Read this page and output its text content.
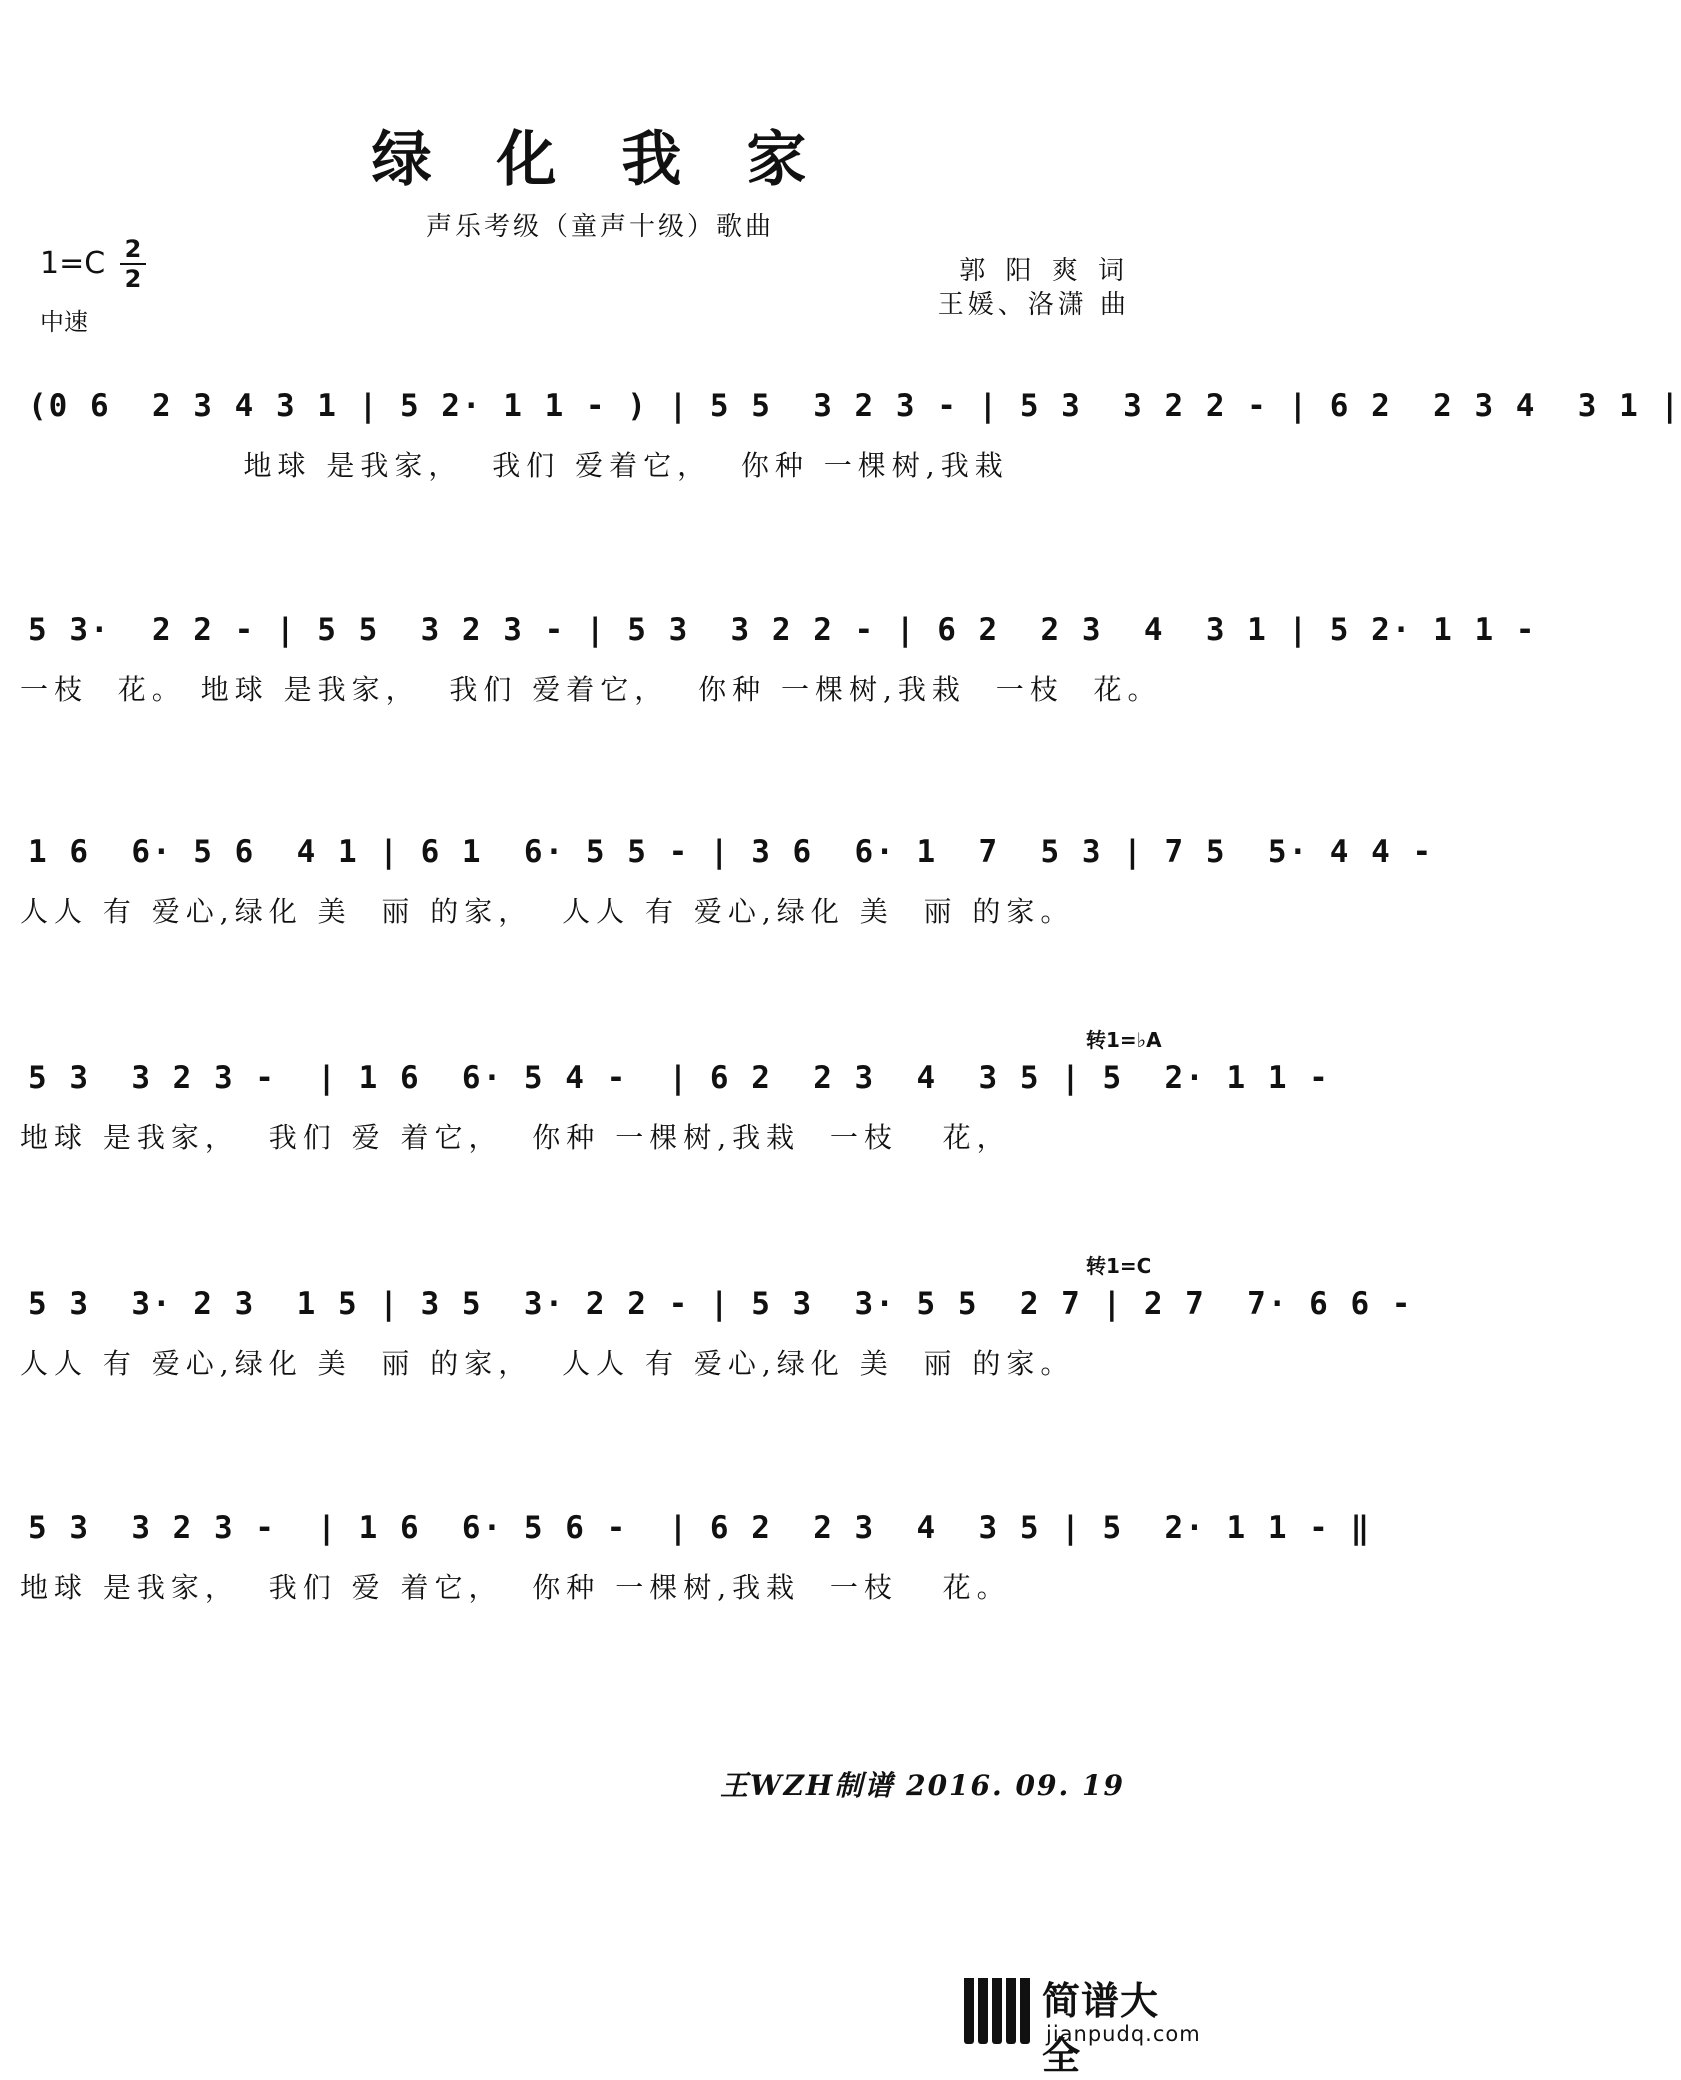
绿 化 我 家
声乐考级（童声十级）歌曲
1=C 2
2
中速
郭 阳 爽 词
王媛、洛潇 曲
(0 6  2 3 4 3 1 | 5 2· 1 1 - ) | 5 5  3 2 3 - | 5 3  3 2 2 - | 6 2  2 3 4  3 1 |
地球 是我家，  我们 爱着它，  你种 一棵树,我栽
5 3·  2 2 - | 5 5  3 2 3 - | 5 3  3 2 2 - | 6 2  2 3  4  3 1 | 5 2· 1 1 -
一枝  花。 地球 是我家，  我们 爱着它，  你种 一棵树,我栽  一枝  花。
1 6  6· 5 6  4 1 | 6 1  6· 5 5 - | 3 6  6· 1  7  5 3 | 7 5  5· 4 4 -
人人 有 爱心,绿化 美  丽 的家，  人人 有 爱心,绿化 美  丽 的家。
转1=♭A
5 3  3 2 3 -  | 1 6  6· 5 4 -  | 6 2  2 3  4  3 5 | 5  2· 1 1 -
地球 是我家，  我们 爱 着它，  你种 一棵树,我栽  一枝   花，
转1=C
5 3  3· 2 3  1 5 | 3 5  3· 2 2 - | 5 3  3· 5 5  2 7 | 2 7  7· 6 6 -
人人 有 爱心,绿化 美  丽 的家，  人人 有 爱心,绿化 美  丽 的家。
5 3  3 2 3 -  | 1 6  6· 5 6 -  | 6 2  2 3  4  3 5 | 5  2· 1 1 - ‖
地球 是我家，  我们 爱 着它，  你种 一棵树,我栽  一枝   花。
王WZH制谱 2016. 09. 19
简谱大全
jianpudq.com
